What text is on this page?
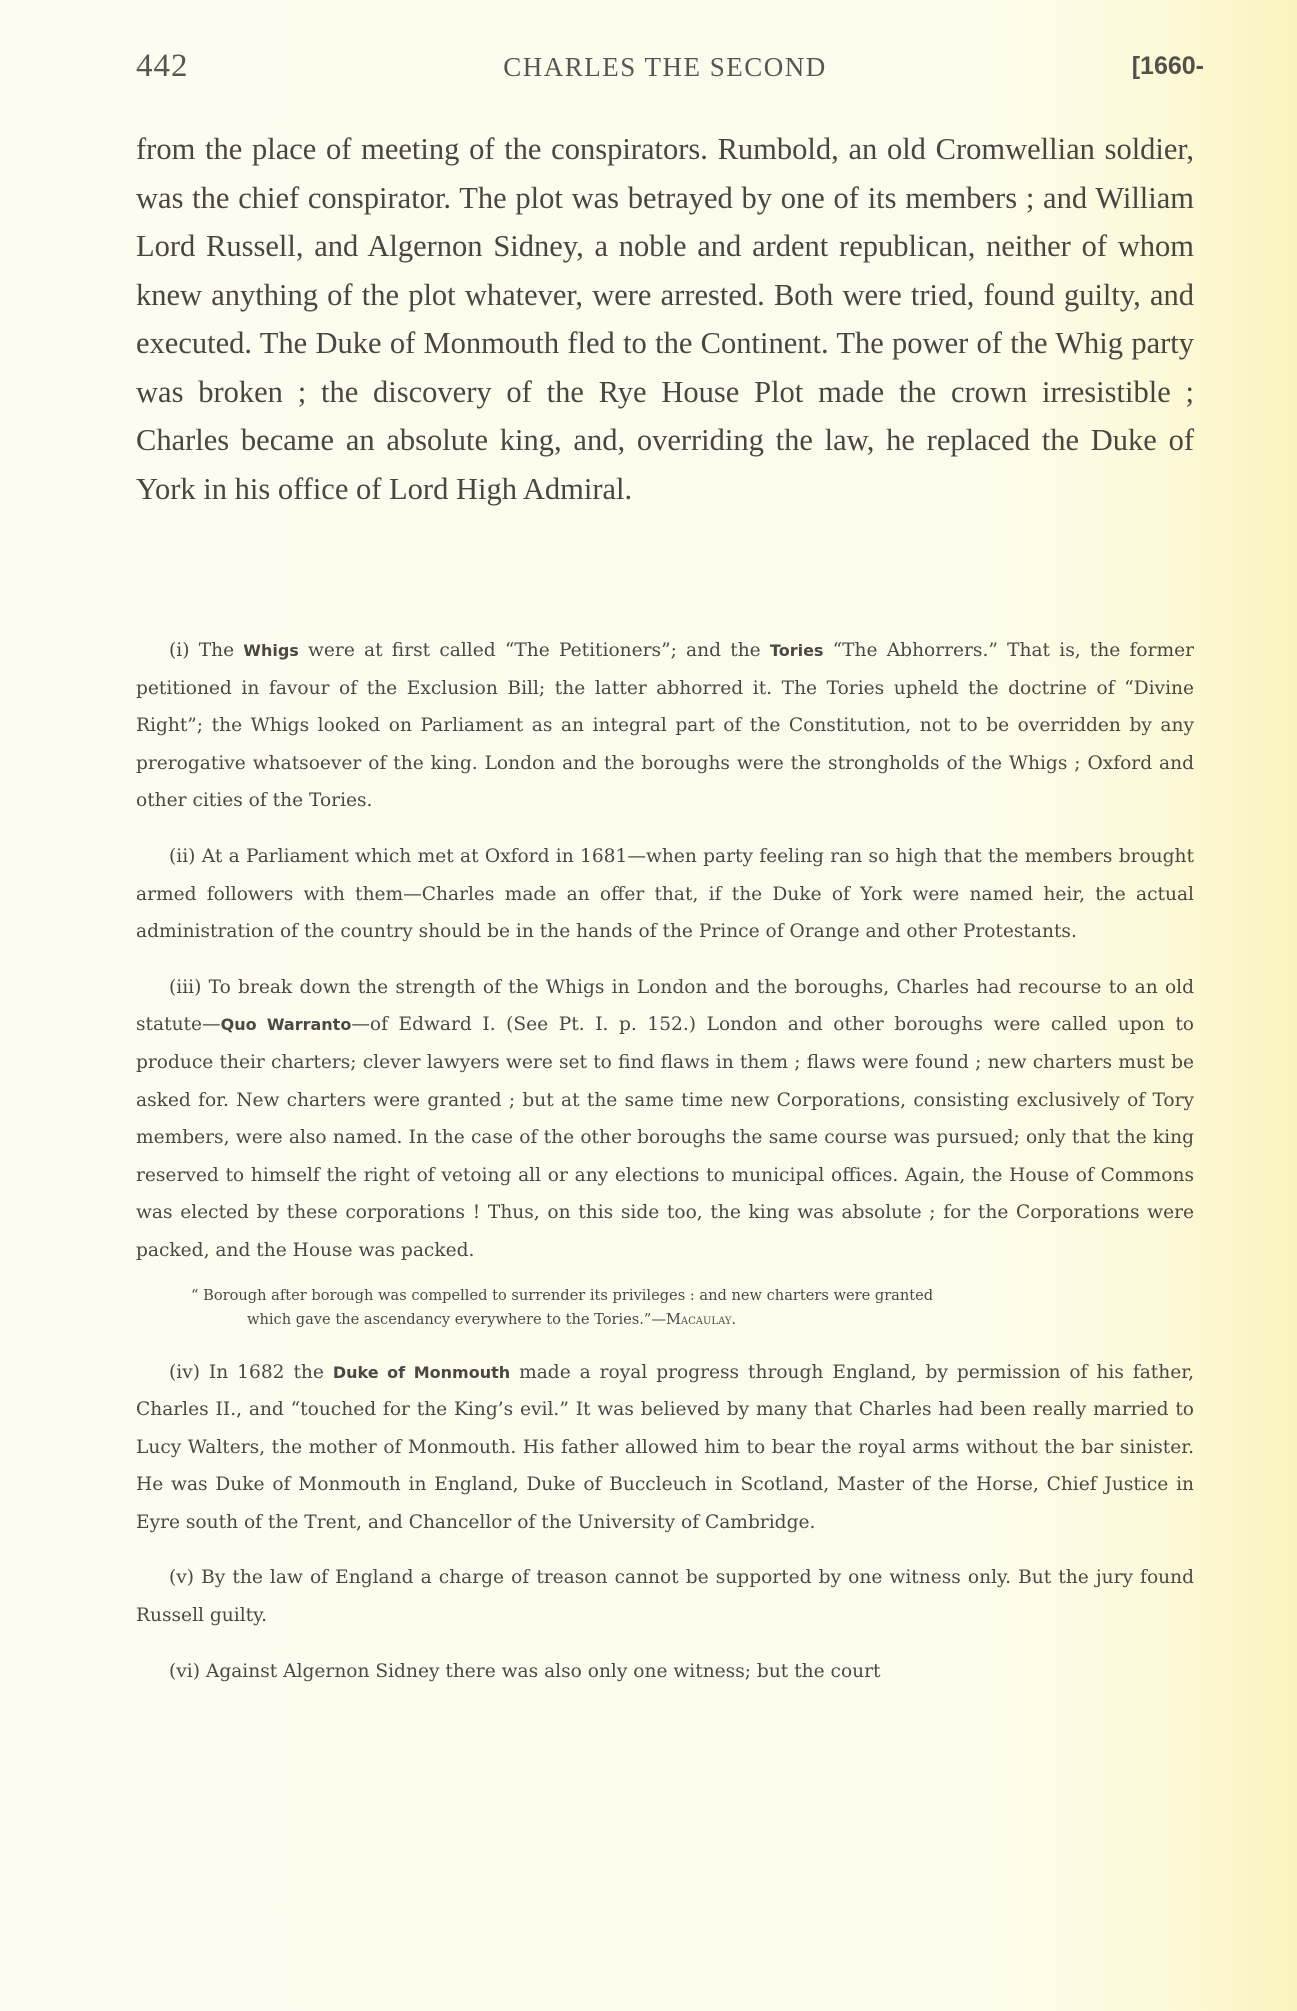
442	CHARLES THE SECOND	[1660-

from the place of meeting of the conspirators. Rumbold, an old Cromwellian soldier, was the chief conspirator. The plot was betrayed by one of its members ; and William Lord Russell, and Algernon Sidney, a noble and ardent republican, neither of whom knew anything of the plot whatever, were arrested. Both were tried, found guilty, and executed. The Duke of Monmouth fled to the Continent. The power of the Whig party was broken ; the discovery of the Rye House Plot made the crown irresistible ; Charles became an absolute king, and, overriding the law, he replaced the Duke of York in his office of Lord High Admiral.

(i) The Whigs were at first called “The Petitioners”; and the Tories “The Abhorrers.” That is, the former petitioned in favour of the Exclusion Bill; the latter abhorred it. The Tories upheld the doctrine of “Divine Right”; the Whigs looked on Parliament as an integral part of the Constitution, not to be overridden by any prerogative whatsoever of the king. London and the boroughs were the strongholds of the Whigs ; Oxford and other cities of the Tories.

(ii) At a Parliament which met at Oxford in 1681—when party feeling ran so high that the members brought armed followers with them—Charles made an offer that, if the Duke of York were named heir, the actual administration of the country should be in the hands of the Prince of Orange and other Protestants.

(iii) To break down the strength of the Whigs in London and the boroughs, Charles had recourse to an old statute—Quo Warranto—of Edward I. (See Pt. I. p. 152.) London and other boroughs were called upon to produce their charters; clever lawyers were set to find flaws in them ; flaws were found ; new charters must be asked for. New charters were granted ; but at the same time new Corporations, consisting exclusively of Tory members, were also named. In the case of the other boroughs the same course was pursued; only that the king reserved to himself the right of vetoing all or any elections to municipal offices. Again, the House of Commons was elected by these corporations ! Thus, on this side too, the king was absolute ; for the Corporations were packed, and the House was packed.

“ Borough after borough was compelled to surrender its privileges : and new charters were granted
which gave the ascendancy everywhere to the Tories.”—Macaulay.

(iv) In 1682 the Duke of Monmouth made a royal progress through England, by permission of his father, Charles II., and “touched for the King’s evil.” It was believed by many that Charles had been really married to Lucy Walters, the mother of Monmouth. His father allowed him to bear the royal arms without the bar sinister. He was Duke of Monmouth in England, Duke of Buccleuch in Scotland, Master of the Horse, Chief Justice in Eyre south of the Trent, and Chancellor of the University of Cambridge.

(v) By the law of England a charge of treason cannot be supported by one witness only. But the jury found Russell guilty.

(vi) Against Algernon Sidney there was also only one witness; but the court
